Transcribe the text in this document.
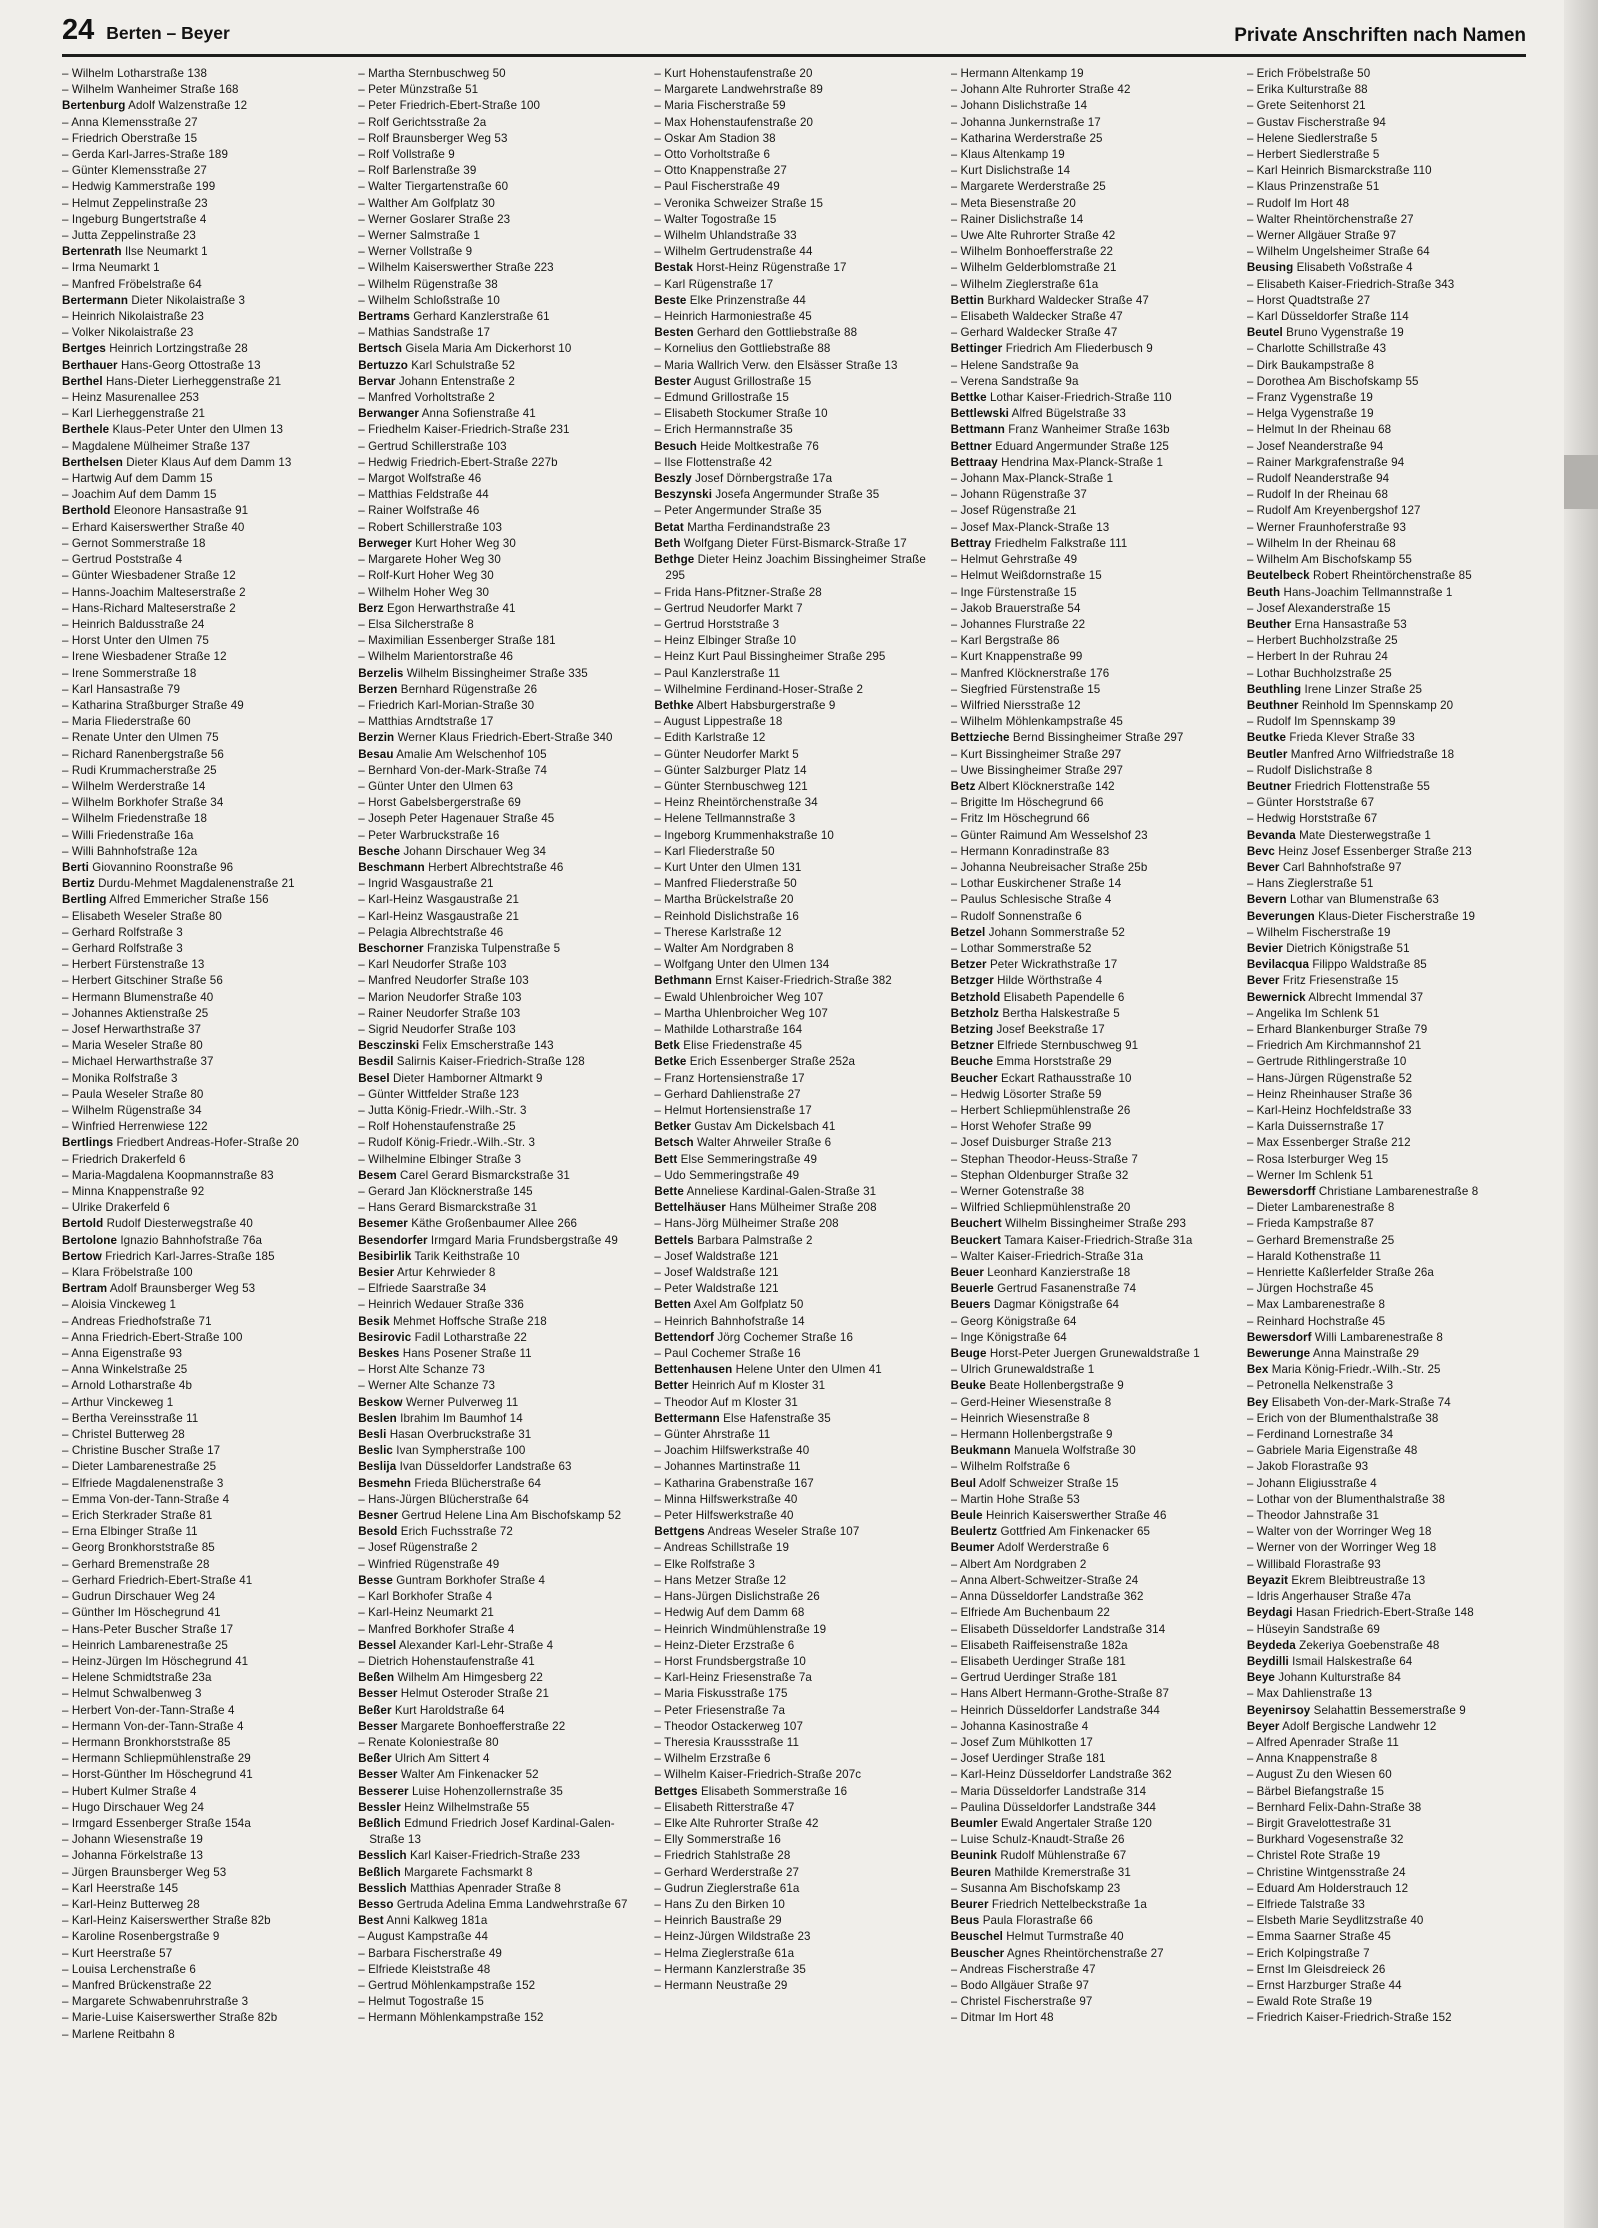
24 Berten – Beyer	Private Anschriften nach Namen
– Wilhelm Lotharstraße 138
– Wilhelm Wanheimer Straße 168
Bertenburg Adolf Walzenstraße 12
– Anna Klemensstraße 27
– Friedrich Oberstraße 15
– Gerda Karl-Jarres-Straße 189
– Günter Klemensstraße 27
– Hedwig Kammerstraße 199
– Helmut Zeppelinstraße 23
– Ingeburg Bungertstraße 4
– Jutta Zeppelinstraße 23
Bertenrath Ilse Neumarkt 1
– Irma Neumarkt 1
– Manfred Fröbelstraße 64
Bertermann Dieter Nikolaistraße 3
– Heinrich Nikolaistraße 23
– Volker Nikolaistraße 23
Bertges Heinrich Lortzingstraße 28
Berthauer Hans-Georg Ottostraße 13
Berthel Hans-Dieter Lierheggenstraße 21
– Heinz Masurenallee 253
– Karl Lierheggenstraße 21
Berthele Klaus-Peter Unter den Ulmen 13
– Magdalene Mülheimer Straße 137
Berthelsen Dieter Klaus Auf dem Damm 13
– Hartwig Auf dem Damm 15
– Joachim Auf dem Damm 15
Berthold Eleonore Hansastraße 91
– Erhard Kaiserswerther Straße 40
– Gernot Sommerstraße 18
– Gertrud Poststraße 4
– Günter Wiesbadener Straße 12
– Hanns-Joachim Malteserstraße 2
– Hans-Richard Malteserstraße 2
– Heinrich Baldusstraße 24
– Horst Unter den Ulmen 75
– Irene Wiesbadener Straße 12
– Irene Sommerstraße 18
– Karl Hansastraße 79
– Katharina Straßburger Straße 49
– Maria Fliederstraße 60
– Renate Unter den Ulmen 75
– Richard Ranenbergstraße 56
– Rudi Krummacherstraße 25
– Wilhelm Werderstraße 14
– Wilhelm Borkhofer Straße 34
– Wilhelm Friedenstraße 18
– Willi Friedenstraße 16a
– Willi Bahnhofstraße 12a
Berti Giovannino Roonstraße 96
Bertiz Durdu-Mehmet Magdalenenstraße 21
Bertling Alfred Emmericher Straße 156
– Elisabeth Weseler Straße 80
– Gerhard Rolfstraße 3
– Gerhard Rolfstraße 3
– Herbert Fürstenstraße 13
– Herbert Gitschiner Straße 56
– Hermann Blumenstraße 40
– Johannes Aktienstraße 25
– Josef Herwarthstraße 37
– Maria Weseler Straße 80
– Michael Herwarthstraße 37
– Monika Rolfstraße 3
– Paula Weseler Straße 80
– Wilhelm Rügenstraße 34
– Winfried Herrenwiese 122
Bertlings Friedbert Andreas-Hofer-Straße 20
– Friedrich Drakerfeld 6
– Maria-Magdalena Koopmannstraße 83
– Minna Knappenstraße 92
– Ulrike Drakerfeld 6
Bertold Rudolf Diesterwegstraße 40
Bertolone Ignazio Bahnhofstraße 76a
Bertow Friedrich Karl-Jarres-Straße 185
– Klara Fröbelstraße 100
Bertram Adolf Braunsberger Weg 53
– Aloisia Vinckeweg 1
– Andreas Friedhofstraße 71
– Anna Friedrich-Ebert-Straße 100
– Anna Eigenstraße 93
– Anna Winkelstraße 25
– Arnold Lotharstraße 4b
– Arthur Vinckeweg 1
– Bertha Vereinsstraße 11
– Christel Butterweg 28
– Christine Buscher Straße 17
– Dieter Lambarenestraße 25
– Elfriede Magdalenenstraße 3
– Emma Von-der-Tann-Straße 4
– Erich Sterkrader Straße 81
– Erna Elbinger Straße 11
– Georg Bronkhorststraße 85
– Gerhard Bremenstraße 28
– Gerhard Friedrich-Ebert-Straße 41
– Gudrun Dirschauer Weg 24
– Günther Im Höschegrund 41
– Hans-Peter Buscher Straße 17
– Heinrich Lambarenestraße 25
– Heinz-Jürgen Im Höschegrund 41
– Helene Schmidtstraße 23a
– Helmut Schwalbenweg 3
– Herbert Von-der-Tann-Straße 4
– Hermann Von-der-Tann-Straße 4
– Hermann Bronkhorststraße 85
– Hermann Schliepmühlenstraße 29
– Horst-Günther Im Höschegrund 41
– Hubert Kulmer Straße 4
– Hugo Dirschauer Weg 24
– Irmgard Essenberger Straße 154a
– Johann Wiesenstraße 19
– Johanna Förkelstraße 13
– Jürgen Braunsberger Weg 53
– Karl Heerstraße 145
– Karl-Heinz Butterweg 28
– Karl-Heinz Kaiserswerther Straße 82b
– Karoline Rosenbergstraße 9
– Kurt Heerstraße 57
– Louisa Lerchenstraße 6
– Manfred Brückenstraße 22
– Margarete Schwabenruhrstraße 3
– Marie-Luise Kaiserswerther Straße 82b
– Marlene Reitbahn 8
– Martha Sternbuschweg 50
– Peter Münzstraße 51
– Peter Friedrich-Ebert-Straße 100
– Rolf Gerichtsstraße 2a
– Rolf Braunsberger Weg 53
– Rolf Vollstraße 9
– Rolf Barlenstraße 39
– Walter Tiergartenstraße 60
– Walther Am Golfplatz 30
– Werner Goslarer Straße 23
– Werner Salmstraße 1
– Werner Vollstraße 9
– Wilhelm Kaiserswerther Straße 223
– Wilhelm Rügenstraße 38
– Wilhelm Schloßstraße 10
Bertrams Gerhard Kanzlerstraße 61
– Mathias Sandstraße 17
Bertsch Gisela Maria Am Dickerhorst 10
Bertuzzo Karl Schulstraße 52
Bervar Johann Entenstraße 2
– Manfred Vorholtstraße 2
Berwanger Anna Sofienstraße 41
– Friedhelm Kaiser-Friedrich-Straße 231
– Gertrud Schillerstraße 103
– Hedwig Friedrich-Ebert-Straße 227b
– Margot Wolfstraße 46
– Matthias Feldstraße 44
– Rainer Wolfstraße 46
– Robert Schillerstraße 103
Berweger Kurt Hoher Weg 30
– Margarete Hoher Weg 30
– Rolf-Kurt Hoher Weg 30
– Wilhelm Hoher Weg 30
Berz Egon Herwarthstraße 41
– Elsa Silcherstraße 8
– Maximilian Essenberger Straße 181
– Wilhelm Marientorstraße 46
Berzelis Wilhelm Bissingheimer Straße 335
Berzen Bernhard Rügenstraße 26
– Friedrich Karl-Morian-Straße 30
– Matthias Arndtstraße 17
Berzin Werner Klaus Friedrich-Ebert-Straße 340
Besau Amalie Am Welschenhof 105
– Bernhard Von-der-Mark-Straße 74
– Günter Unter den Ulmen 63
– Horst Gabelsbergerstraße 69
– Joseph Peter Hagenauer Straße 45
– Peter Warbruckstraße 16
Besche Johann Dirschauer Weg 34
Beschmann Herbert Albrechtstraße 46
– Ingrid Wasgaustraße 21
– Karl-Heinz Wasgaustraße 21
– Karl-Heinz Wasgaustraße 21
– Pelagia Albrechtstraße 46
Beschorner Franziska Tulpenstraße 5
– Karl Neudorfer Straße 103
– Manfred Neudorfer Straße 103
– Marion Neudorfer Straße 103
– Rainer Neudorfer Straße 103
– Sigrid Neudorfer Straße 103
Besczinski Felix Emscherstraße 143
Besdil Salirnis Kaiser-Friedrich-Straße 128
Besel Dieter Hamborner Altmarkt 9
– Günter Wittfelder Straße 123
– Jutta König-Friedr.-Wilh.-Str. 3
– Rolf Hohenstaufenstraße 25
– Rudolf König-Friedr.-Wilh.-Str. 3
– Wilhelmine Elbinger Straße 3
Besem Carel Gerard Bismarckstraße 31
– Gerard Jan Klöcknerstraße 145
– Hans Gerard Bismarckstraße 31
Besemer Käthe Großenbaumer Allee 266
Besendorfer Irmgard Maria Frundsbergstraße 49
Besibirlik Tarik Keithstraße 10
Besier Artur Kehrwieder 8
– Elfriede Saarstraße 34
– Heinrich Wedauer Straße 336
Besik Mehmet Hoffsche Straße 218
Besirovic Fadil Lotharstraße 22
Beskes Hans Posener Straße 11
– Horst Alte Schanze 73
– Werner Alte Schanze 73
Beskow Werner Pulverweg 11
Beslen Ibrahim Im Baumhof 14
Besli Hasan Overbruckstraße 31
Beslic Ivan Sympherstraße 100
Beslija Ivan Düsseldorfer Landstraße 63
Besmehn Frieda Blücherstraße 64
– Hans-Jürgen Blücherstraße 64
Besner Gertrud Helene Lina Am Bischofskamp 52
Besold Erich Fuchsstraße 72
– Josef Rügenstraße 2
– Winfried Rügenstraße 49
Besse Guntram Borkhofer Straße 4
– Karl Borkhofer Straße 4
– Karl-Heinz Neumarkt 21
– Manfred Borkhofer Straße 4
Bessel Alexander Karl-Lehr-Straße 4
– Dietrich Hohenstaufenstraße 41
Beßen Wilhelm Am Himgesberg 22
Besser Helmut Osteroder Straße 21
Beßer Kurt Haroldstraße 64
Besser Margarete Bonhoefferstraße 22
– Renate Koloniestraße 80
Beßer Ulrich Am Sittert 4
Besser Walter Am Finkenacker 52
Besserer Luise Hohenzollernstraße 35
Bessler Heinz Wilhelmstraße 55
Beßlich Edmund Friedrich Josef Kardinal-Galen-Straße 13
Besslich Karl Kaiser-Friedrich-Straße 233
Beßlich Margarete Fachsmarkt 8
Besslich Matthias Apenrader Straße 8
Besso Gertruda Adelina Emma Landwehrstraße 67
Best Anni Kalkweg 181a
– August Kampstraße 44
– Barbara Fischerstraße 49
– Elfriede Kleiststraße 48
– Gertrud Möhlenkampstraße 152
– Helmut Togostraße 15
– Hermann Möhlenkampstraße 152
– Kurt Hohenstaufenstraße 20
– Margarete Landwehrstraße 89
– Maria Fischerstraße 59
– Max Hohenstaufenstraße 20
– Oskar Am Stadion 38
– Otto Vorholtstraße 6
– Otto Knappenstraße 27
– Paul Fischerstraße 49
– Veronika Schweizer Straße 15
– Walter Togostraße 15
– Wilhelm Uhlandstraße 33
– Wilhelm Gertrudenstraße 44
Bestak Horst-Heinz Rügenstraße 17
– Karl Rügenstraße 17
Beste Elke Prinzenstraße 44
– Heinrich Harmoniestraße 45
Besten Gerhard den Gottliebstraße 88
– Kornelius den Gottliebstraße 88
– Maria Wallrich Verw. den Elsässer Straße 13
Bester August Grillostraße 15
– Edmund Grillostraße 15
– Elisabeth Stockumer Straße 10
– Erich Hermannstraße 35
Besuch Heide Moltkestraße 76
– Ilse Flottenstraße 42
Beszly Josef Dörnbergstraße 17a
Beszynski Josefa Angermunder Straße 35
– Peter Angermunder Straße 35
Betat Martha Ferdinandstraße 23
Beth Wolfgang Dieter Fürst-Bismarck-Straße 17
Bethge Dieter Heinz Joachim Bissingheimer Straße 295
– Frida Hans-Pfitzner-Straße 28
– Gertrud Neudorfer Markt 7
– Gertrud Horststraße 3
– Heinz Elbinger Straße 10
– Heinz Kurt Paul Bissingheimer Straße 295
– Paul Kanzlerstraße 11
– Wilhelmine Ferdinand-Hoser-Straße 2
Bethke Albert Habsburgerstraße 9
– August Lippestraße 18
– Edith Karlstraße 12
– Günter Neudorfer Markt 5
– Günter Salzburger Platz 14
– Günter Sternbuschweg 121
– Heinz Rheintörchenstraße 34
– Helene Tellmannstraße 3
– Ingeborg Krummenhakstraße 10
– Karl Fliederstraße 50
– Kurt Unter den Ulmen 131
– Manfred Fliederstraße 50
– Martha Brückelstraße 20
– Reinhold Dislichstraße 16
– Therese Karlstraße 12
– Walter Am Nordgraben 8
– Wolfgang Unter den Ulmen 134
Bethmann Ernst Kaiser-Friedrich-Straße 382
– Ewald Uhlenbroicher Weg 107
– Martha Uhlenbroicher Weg 107
– Mathilde Lotharstraße 164
Betk Elise Friedenstraße 45
Betke Erich Essenberger Straße 252a
– Franz Hortensienstraße 17
– Gerhard Dahlienstraße 27
– Helmut Hortensienstraße 17
Betker Gustav Am Dickelsbach 41
Betsch Walter Ahrweiler Straße 6
Bett Else Semmeringstraße 49
– Udo Semmeringstraße 49
Bette Anneliese Kardinal-Galen-Straße 31
Bettelhäuser Hans Mülheimer Straße 208
– Hans-Jörg Mülheimer Straße 208
Bettels Barbara Palmstraße 2
– Josef Waldstraße 121
– Josef Waldstraße 121
– Peter Waldstraße 121
Betten Axel Am Golfplatz 50
– Heinrich Bahnhofstraße 14
Bettendorf Jörg Cochemer Straße 16
– Paul Cochemer Straße 16
Bettenhausen Helene Unter den Ulmen 41
Better Heinrich Auf m Kloster 31
– Theodor Auf m Kloster 31
Bettermann Else Hafenstraße 35
– Günter Ahrstraße 11
– Joachim Hilfswerkstraße 40
– Johannes Martinstraße 11
– Katharina Grabenstraße 167
– Minna Hilfswerkstraße 40
– Peter Hilfswerkstraße 40
Bettgens Andreas Weseler Straße 107
– Andreas Schillstraße 19
– Elke Rolfstraße 3
– Hans Metzer Straße 12
– Hans-Jürgen Dislichstraße 26
– Hedwig Auf dem Damm 68
– Heinrich Windmühlenstraße 19
– Heinz-Dieter Erzstraße 6
– Horst Frundsbergstraße 10
– Karl-Heinz Friesenstraße 7a
– Maria Fiskusstraße 175
– Peter Friesenstraße 7a
– Theodor Ostackerweg 107
– Theresia Kraussstraße 11
– Wilhelm Erzstraße 6
– Wilhelm Kaiser-Friedrich-Straße 207c
Bettges Elisabeth Sommerstraße 16
– Elisabeth Ritterstraße 47
– Elke Alte Ruhrorter Straße 42
– Elly Sommerstraße 16
– Friedrich Stahlstraße 28
– Gerhard Werderstraße 27
– Gudrun Zieglerstraße 61a
– Hans Zu den Birken 10
– Heinrich Baustraße 29
– Heinz-Jürgen Wildstraße 23
– Helma Zieglerstraße 61a
– Hermann Kanzlerstraße 35
– Hermann Neustraße 29
– Hermann Altenkamp 19
– Johann Alte Ruhrorter Straße 42
– Johann Dislichstraße 14
– Johanna Junkernstraße 17
– Katharina Werderstraße 25
– Klaus Altenkamp 19
– Kurt Dislichstraße 14
– Margarete Werderstraße 25
– Meta Biesenstraße 20
– Rainer Dislichstraße 14
– Uwe Alte Ruhrorter Straße 42
– Wilhelm Bonhoefferstraße 22
– Wilhelm Gelderblomstraße 21
– Wilhelm Zieglerstraße 61a
Bettin Burkhard Waldecker Straße 47
– Elisabeth Waldecker Straße 47
– Gerhard Waldecker Straße 47
Bettinger Friedrich Am Fliederbusch 9
– Helene Sandstraße 9a
– Verena Sandstraße 9a
Bettke Lothar Kaiser-Friedrich-Straße 110
Bettlewski Alfred Bügelstraße 33
Bettmann Franz Wanheimer Straße 163b
Bettner Eduard Angermunder Straße 125
Bettraay Hendrina Max-Planck-Straße 1
– Johann Max-Planck-Straße 1
– Johann Rügenstraße 37
– Josef Rügenstraße 21
– Josef Max-Planck-Straße 13
Bettray Friedhelm Falkstraße 111
– Helmut Gehrstraße 49
– Helmut Weißdornstraße 15
– Inge Fürstenstraße 15
– Jakob Brauerstraße 54
– Johannes Flurstraße 22
– Karl Bergstraße 86
– Kurt Knappenstraße 99
– Manfred Klöcknerstraße 176
– Siegfried Fürstenstraße 15
– Wilfried Niersstraße 12
– Wilhelm Möhlenkampstraße 45
Bettzieche Bernd Bissingheimer Straße 297
– Kurt Bissingheimer Straße 297
– Uwe Bissingheimer Straße 297
Betz Albert Klöcknerstraße 142
– Brigitte Im Höschegrund 66
– Fritz Im Höschegrund 66
– Günter Raimund Am Wesselshof 23
– Hermann Konradinstraße 83
– Johanna Neubreisacher Straße 25b
– Lothar Euskirchener Straße 14
– Paulus Schlesische Straße 4
– Rudolf Sonnenstraße 6
Betzel Johann Sommerstraße 52
– Lothar Sommerstraße 52
Betzer Peter Wickrathstraße 17
Betzger Hilde Wörthstraße 4
Betzhold Elisabeth Papendelle 6
Betzholz Bertha Halskestraße 5
Betzing Josef Beekstraße 17
Betzner Elfriede Sternbuschweg 91
Beuche Emma Horststraße 29
Beucher Eckart Rathausstraße 10
– Hedwig Lösorter Straße 59
– Herbert Schliepmühlenstraße 26
– Horst Wehofer Straße 99
– Josef Duisburger Straße 213
– Stephan Theodor-Heuss-Straße 7
– Stephan Oldenburger Straße 32
– Werner Gotenstraße 38
– Wilfried Schliepmühlenstraße 20
Beuchert Wilhelm Bissingheimer Straße 293
Beuckert Tamara Kaiser-Friedrich-Straße 31a
– Walter Kaiser-Friedrich-Straße 31a
Beuer Leonhard Kanzierstraße 18
Beuerle Gertrud Fasanenstraße 74
Beuers Dagmar Königstraße 64
– Georg Königstraße 64
– Inge Königstraße 64
Beuge Horst-Peter Juergen Grunewaldstraße 1
– Ulrich Grunewaldstraße 1
Beuke Beate Hollenbergstraße 9
– Gerd-Heiner Wiesenstraße 8
– Heinrich Wiesenstraße 8
– Hermann Hollenbergstraße 9
Beukmann Manuela Wolfstraße 30
– Wilhelm Rolfstraße 6
Beul Adolf Schweizer Straße 15
– Martin Hohe Straße 53
Beule Heinrich Kaiserswerther Straße 46
Beulertz Gottfried Am Finkenacker 65
Beumer Adolf Werderstraße 6
– Albert Am Nordgraben 2
– Anna Albert-Schweitzer-Straße 24
– Anna Düsseldorfer Landstraße 362
– Elfriede Am Buchenbaum 22
– Elisabeth Düsseldorfer Landstraße 314
– Elisabeth Raiffeisenstraße 182a
– Elisabeth Uerdinger Straße 181
– Gertrud Uerdinger Straße 181
– Hans Albert Hermann-Grothe-Straße 87
– Heinrich Düsseldorfer Landstraße 344
– Johanna Kasinostraße 4
– Josef Zum Mühlkotten 17
– Josef Uerdinger Straße 181
– Karl-Heinz Düsseldorfer Landstraße 362
– Maria Düsseldorfer Landstraße 314
– Paulina Düsseldorfer Landstraße 344
Beumler Ewald Angertaler Straße 120
– Luise Schulz-Knaudt-Straße 26
Beunink Rudolf Mühlenstraße 67
Beuren Mathilde Kremerstraße 31
– Susanna Am Bischofskamp 23
Beurer Friedrich Nettelbeckstraße 1a
Beus Paula Florastraße 66
Beuschel Helmut Turmstraße 40
Beuscher Agnes Rheintörchenstraße 27
– Andreas Fischerstraße 47
– Bodo Allgäuer Straße 97
– Christel Fischerstraße 97
– Ditmar Im Hort 48
– Erich Fröbelstraße 50
– Erika Kulturstraße 88
– Grete Seitenhorst 21
– Gustav Fischerstraße 94
– Helene Siedlerstraße 5
– Herbert Siedlerstraße 5
– Karl Heinrich Bismarckstraße 110
– Klaus Prinzenstraße 51
– Rudolf Im Hort 48
– Walter Rheintörchenstraße 27
– Werner Allgäuer Straße 97
– Wilhelm Ungelsheimer Straße 64
Beusing Elisabeth Voßstraße 4
– Elisabeth Kaiser-Friedrich-Straße 343
– Horst Quadtstraße 27
– Karl Düsseldorfer Straße 114
Beutel Bruno Vygenstraße 19
– Charlotte Schillstraße 43
– Dirk Baukampstraße 8
– Dorothea Am Bischofskamp 55
– Franz Vygenstraße 19
– Helga Vygenstraße 19
– Helmut In der Rheinau 68
– Josef Neanderstraße 94
– Rainer Markgrafenstraße 94
– Rudolf Neanderstraße 94
– Rudolf In der Rheinau 68
– Rudolf Am Kreyenbergshof 127
– Werner Fraunhoferstraße 93
– Wilhelm In der Rheinau 68
– Wilhelm Am Bischofskamp 55
Beutelbeck Robert Rheintörchenstraße 85
Beuth Hans-Joachim Tellmannstraße 1
– Josef Alexanderstraße 15
Beuther Erna Hansastraße 53
– Herbert Buchholzstraße 25
– Herbert In der Ruhrau 24
– Lothar Buchholzstraße 25
Beuthling Irene Linzer Straße 25
Beuthner Reinhold Im Spennskamp 20
– Rudolf Im Spennskamp 39
Beutke Frieda Klever Straße 33
Beutler Manfred Arno Wilfriedstraße 18
– Rudolf Dislichstraße 8
Beutner Friedrich Flottenstraße 55
– Günter Horststraße 67
– Hedwig Horststraße 67
Bevanda Mate Diesterwegstraße 1
Bevc Heinz Josef Essenberger Straße 213
Bever Carl Bahnhofstraße 97
– Hans Zieglerstraße 51
Bevern Lothar van Blumenstraße 63
Beverungen Klaus-Dieter Fischerstraße 19
– Wilhelm Fischerstraße 19
Bevier Dietrich Königstraße 51
Bevilacqua Filippo Waldstraße 85
Bever Fritz Friesenstraße 15
Bewernick Albrecht Immendal 37
– Angelika Im Schlenk 51
– Erhard Blankenburger Straße 79
– Friedrich Am Kirchmannshof 21
– Gertrude Rithlingerstraße 10
– Hans-Jürgen Rügenstraße 52
– Heinz Rheinhauser Straße 36
– Karl-Heinz Hochfeldstraße 33
– Karla Duissernstraße 17
– Max Essenberger Straße 212
– Rosa Isterburger Weg 15
– Werner Im Schlenk 51
Bewersdorff Christiane Lambarenestraße 8
– Dieter Lambarenestraße 8
– Frieda Kampstraße 87
– Gerhard Bremenstraße 25
– Harald Kothenstraße 11
– Henriette Kaßlerfelder Straße 26a
– Jürgen Hochstraße 45
– Max Lambarenestraße 8
– Reinhard Hochstraße 45
Bewersdorf Willi Lambarenestraße 8
Bewerunge Anna Mainstraße 29
Bex Maria König-Friedr.-Wilh.-Str. 25
– Petronella Nelkenstraße 3
Bey Elisabeth Von-der-Mark-Straße 74
– Erich von der Blumenthalstraße 38
– Ferdinand Lornestraße 34
– Gabriele Maria Eigenstraße 48
– Jakob Florastraße 93
– Johann Eligiusstraße 4
– Lothar von der Blumenthalstraße 38
– Theodor Jahnstraße 31
– Walter von der Worringer Weg 18
– Werner von der Worringer Weg 18
– Willibald Florastraße 93
Beyazit Ekrem Bleibtreustraße 13
– Idris Angerhauser Straße 47a
Beydagi Hasan Friedrich-Ebert-Straße 148
– Hüseyin Sandstraße 69
Beydeda Zekeriya Goebenstraße 48
Beydilli Ismail Halskestraße 64
Beye Johann Kulturstraße 84
– Max Dahlienstraße 13
Beyenirsoy Selahattin Bessemerstraße 9
Beyer Adolf Bergische Landwehr 12
– Alfred Apenrader Straße 11
– Anna Knappenstraße 8
– August Zu den Wiesen 60
– Bärbel Biefangstraße 15
– Bernhard Felix-Dahn-Straße 38
– Birgit Gravelottestraße 31
– Burkhard Vogesenstraße 32
– Christel Rote Straße 19
– Christine Wintgensstraße 24
– Eduard Am Holderstrauch 12
– Elfriede Talstraße 33
– Elsbeth Marie Seydlitzstraße 40
– Emma Saarner Straße 45
– Erich Kolpingstraße 7
– Ernst Im Gleisdreieck 26
– Ernst Harzburger Straße 44
– Ewald Rote Straße 19
– Friedrich Kaiser-Friedrich-Straße 152
